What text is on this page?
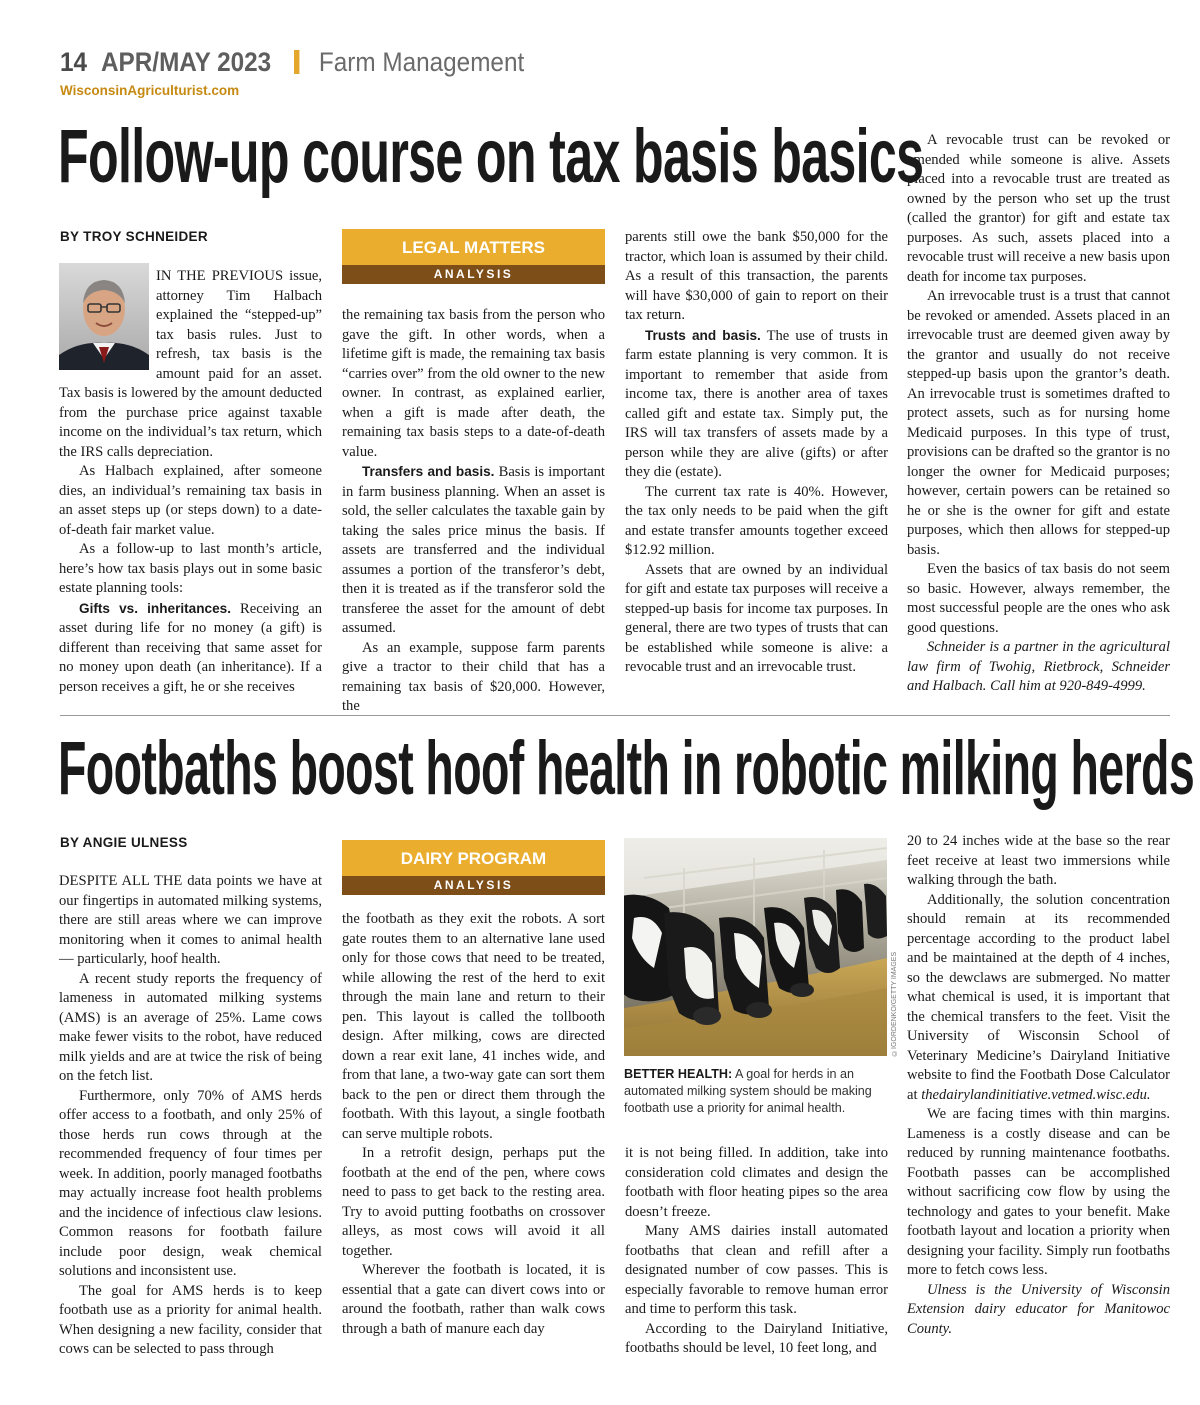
14 APR/MAY 2023 Farm Management
WisconsinAgriculturist.com
Follow-up course on tax basis basics
BY TROY SCHNEIDER
LEGAL MATTERS
ANALYSIS

IN THE PREVIOUS issue, attorney Tim Halbach explained the “stepped-up” tax basis rules. Just to refresh, tax basis is the amount paid for an asset. Tax basis is lowered by the amount deducted from the purchase price against taxable income on the individual’s tax return, which the IRS calls depreciation.

As Halbach explained, after someone dies, an individual’s remaining tax basis in an asset steps up (or steps down) to a date-of-death fair market value.

As a follow-up to last month’s article, here’s how tax basis plays out in some basic estate planning tools:

Gifts vs. inheritances. Receiving an asset during life for no money (a gift) is different than receiving that same asset for no money upon death (an inheritance). If a person receives a gift, he or she receives

the remaining tax basis from the person who gave the gift. In other words, when a lifetime gift is made, the remaining tax basis “carries over” from the old owner to the new owner. In contrast, as explained earlier, when a gift is made after death, the remaining tax basis steps to a date-of-death value.

Transfers and basis. Basis is important in farm business planning. When an asset is sold, the seller calculates the taxable gain by taking the sales price minus the basis. If assets are transferred and the individual assumes a portion of the transferor’s debt, then it is treated as if the transferor sold the transferee the asset for the amount of debt assumed.

As an example, suppose farm parents give a tractor to their child that has a remaining tax basis of $20,000. However, the

parents still owe the bank $50,000 for the tractor, which loan is assumed by their child. As a result of this transaction, the parents will have $30,000 of gain to report on their tax return.

Trusts and basis. The use of trusts in farm estate planning is very common. It is important to remember that aside from income tax, there is another area of taxes called gift and estate tax. Simply put, the IRS will tax transfers of assets made by a person while they are alive (gifts) or after they die (estate).

The current tax rate is 40%. However, the tax only needs to be paid when the gift and estate transfer amounts together exceed $12.92 million.

Assets that are owned by an individual for gift and estate tax purposes will receive a stepped-up basis for income tax purposes. In general, there are two types of trusts that can be established while someone is alive: a revocable trust and an irrevocable trust.

A revocable trust can be revoked or amended while someone is alive. Assets placed into a revocable trust are treated as owned by the person who set up the trust (called the grantor) for gift and estate tax purposes. As such, assets placed into a revocable trust will receive a new basis upon death for income tax purposes.

An irrevocable trust is a trust that cannot be revoked or amended. Assets placed in an irrevocable trust are deemed given away by the grantor and usually do not receive stepped-up basis upon the grantor’s death. An irrevocable trust is sometimes drafted to protect assets, such as for nursing home Medicaid purposes. In this type of trust, provisions can be drafted so the grantor is no longer the owner for Medicaid purposes; however, certain powers can be retained so he or she is the owner for gift and estate purposes, which then allows for stepped-up basis.

Even the basics of tax basis do not seem so basic. However, always remember, the most successful people are the ones who ask good questions.

Schneider is a partner in the agricultural law firm of Twohig, Rietbrock, Schneider and Halbach. Call him at 920-849-4999.

Footbaths boost hoof health in robotic milking herds
BY ANGIE ULNESS
DAIRY PROGRAM
ANALYSIS

DESPITE ALL THE data points we have at our fingertips in automated milking systems, there are still areas where we can improve monitoring when it comes to animal health — particularly, hoof health.

A recent study reports the frequency of lameness in automated milking systems (AMS) is an average of 25%. Lame cows make fewer visits to the robot, have reduced milk yields and are at twice the risk of being on the fetch list.

Furthermore, only 70% of AMS herds offer access to a footbath, and only 25% of those herds run cows through at the recommended frequency of four times per week. In addition, poorly managed footbaths may actually increase foot health problems and the incidence of infectious claw lesions. Common reasons for footbath failure include poor design, weak chemical solutions and inconsistent use.

The goal for AMS herds is to keep footbath use as a priority for animal health. When designing a new facility, consider that cows can be selected to pass through

the footbath as they exit the robots. A sort gate routes them to an alternative lane used only for those cows that need to be treated, while allowing the rest of the herd to exit through the main lane and return to their pen. This layout is called the tollbooth design. After milking, cows are directed down a rear exit lane, 41 inches wide, and from that lane, a two-way gate can sort them back to the pen or direct them through the footbath. With this layout, a single footbath can serve multiple robots.

In a retrofit design, perhaps put the footbath at the end of the pen, where cows need to pass to get back to the resting area. Try to avoid putting footbaths on crossover alleys, as most cows will avoid it all together.

Wherever the footbath is located, it is essential that a gate can divert cows into or around the footbath, rather than walk cows through a bath of manure each day

©IGORDENKO/GETTY IMAGES
BETTER HEALTH: A goal for herds in an automated milking system should be making footbath use a priority for animal health.

it is not being filled. In addition, take into consideration cold climates and design the footbath with floor heating pipes so the area doesn’t freeze.

Many AMS dairies install automated footbaths that clean and refill after a designated number of cow passes. This is especially favorable to remove human error and time to perform this task.

According to the Dairyland Initiative, footbaths should be level, 10 feet long, and

20 to 24 inches wide at the base so the rear feet receive at least two immersions while walking through the bath.

Additionally, the solution concentration should remain at its recommended percentage according to the product label and be maintained at the depth of 4 inches, so the dewclaws are submerged. No matter what chemical is used, it is important that the chemical transfers to the feet. Visit the University of Wisconsin School of Veterinary Medicine’s Dairyland Initiative website to find the Footbath Dose Calculator at thedairylandinitiative.vetmed.wisc.edu.

We are facing times with thin margins. Lameness is a costly disease and can be reduced by running maintenance footbaths. Footbath passes can be accomplished without sacrificing cow flow by using the technology and gates to your benefit. Make footbath layout and location a priority when designing your facility. Simply run footbaths more to fetch cows less.

Ulness is the University of Wisconsin Extension dairy educator for Manitowoc County.
